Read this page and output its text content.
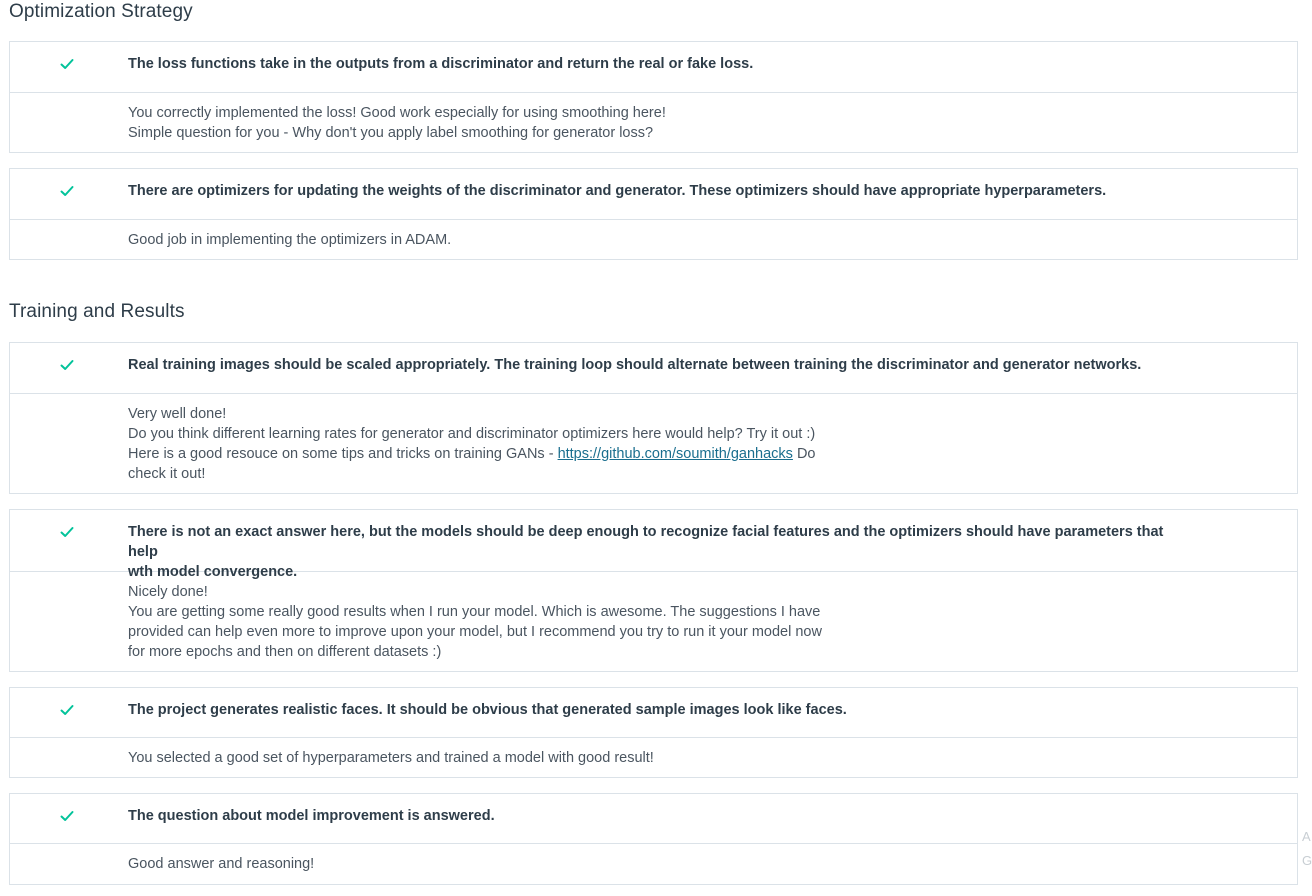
Optimization Strategy
The loss functions take in the outputs from a discriminator and return the real or fake loss.
You correctly implemented the loss! Good work especially for using smoothing here!
Simple question for you - Why don't you apply label smoothing for generator loss?
There are optimizers for updating the weights of the discriminator and generator. These optimizers should have appropriate hyperparameters.
Good job in implementing the optimizers in ADAM.
Training and Results
Real training images should be scaled appropriately. The training loop should alternate between training the discriminator and generator networks.
Very well done!
Do you think different learning rates for generator and discriminator optimizers here would help? Try it out :)
Here is a good resouce on some tips and tricks on training GANs - https://github.com/soumith/ganhacks Do
check it out!
There is not an exact answer here, but the models should be deep enough to recognize facial features and the optimizers should have parameters that help
wth model convergence.
Nicely done!
You are getting some really good results when I run your model. Which is awesome. The suggestions I have
provided can help even more to improve upon your model, but I recommend you try to run it your model now
for more epochs and then on different datasets :)
The project generates realistic faces. It should be obvious that generated sample images look like faces.
You selected a good set of hyperparameters and trained a model with good result!
The question about model improvement is answered.
Good answer and reasoning!
A
G
